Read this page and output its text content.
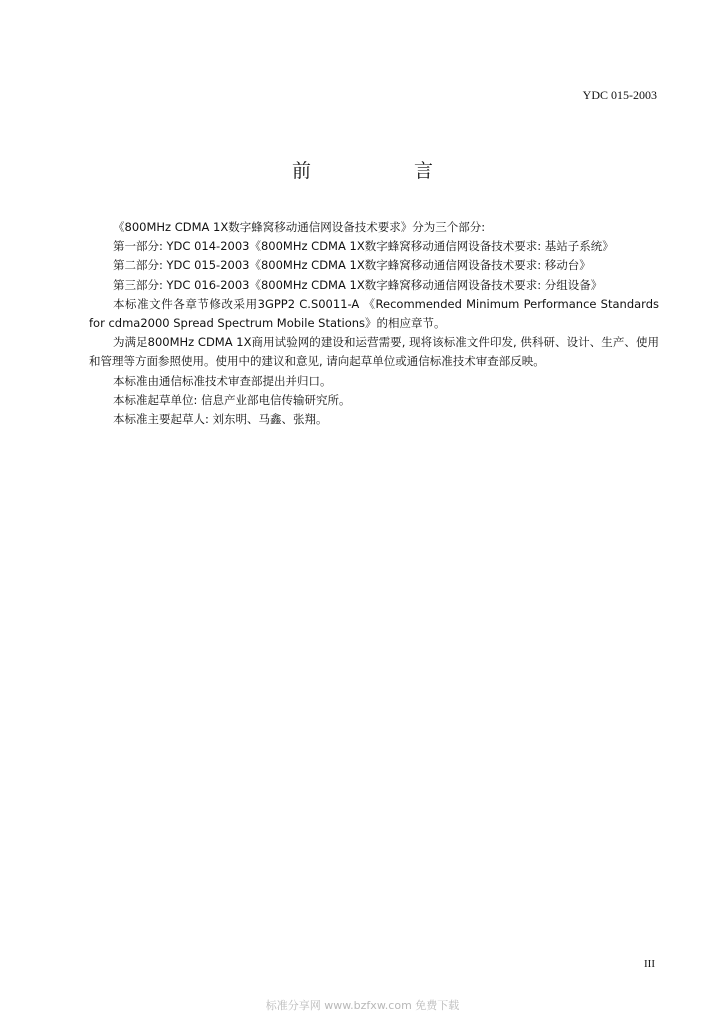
YDC 015-2003
前　言

《800MHz CDMA 1X数字蜂窝移动通信网设备技术要求》分为三个部分:

第一部分: YDC 014-2003《800MHz CDMA 1X数字蜂窝移动通信网设备技术要求: 基站子系统》

第二部分: YDC 015-2003《800MHz CDMA 1X数字蜂窝移动通信网设备技术要求: 移动台》

第三部分: YDC 016-2003《800MHz CDMA 1X数字蜂窝移动通信网设备技术要求: 分组设备》

本标准文件各章节修改采用3GPP2 C.S0011-A 《Recommended Minimum Performance Standards for cdma2000 Spread Spectrum Mobile Stations》的相应章节。

为满足800MHz CDMA 1X商用试验网的建设和运营需要, 现将该标准文件印发, 供科研、设计、生产、使用和管理等方面参照使用。使用中的建议和意见, 请向起草单位或通信标准技术审查部反映。

本标准由通信标准技术审查部提出并归口。

本标准起草单位: 信息产业部电信传输研究所。

本标准主要起草人: 刘东明、马鑫、张翔。

III
标准分享网 www.bzfxw.com 免费下载
